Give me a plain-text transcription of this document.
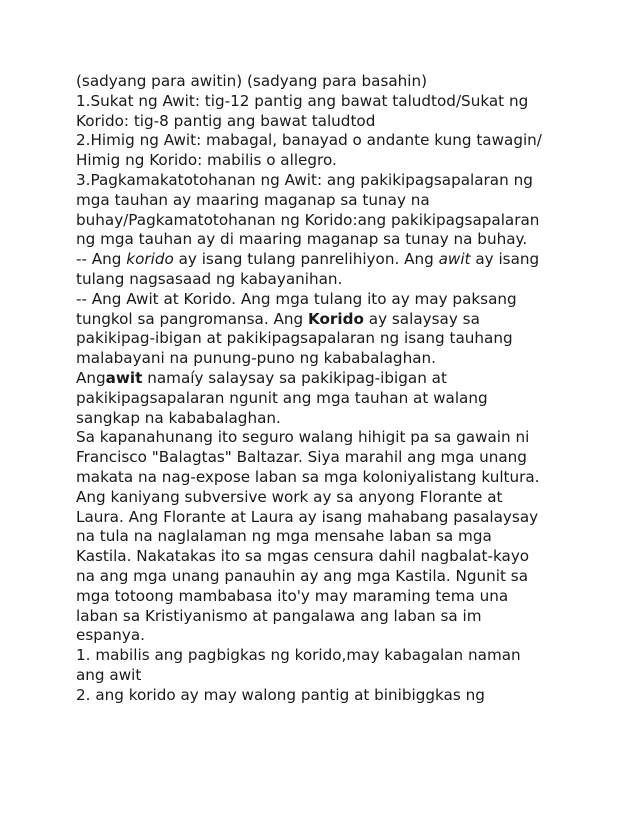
(sadyang para awitin) (sadyang para basahin)
1.Sukat ng Awit: tig-12 pantig ang bawat taludtod/Sukat ng
Korido: tig-8 pantig ang bawat taludtod
2.Himig ng Awit: mabagal, banayad o andante kung tawagin/
Himig ng Korido: mabilis o allegro.
3.Pagkamakatotohanan ng Awit: ang pakikipagsapalaran ng
mga tauhan ay maaring maganap sa tunay na
buhay/Pagkamatotohanan ng Korido:ang pakikipagsapalaran
ng mga tauhan ay di maaring maganap sa tunay na buhay.
-- Ang korido ay isang tulang panrelihiyon. Ang awit ay isang
tulang nagsasaad ng kabayanihan.
-- Ang Awit at Korido. Ang mga tulang ito ay may paksang
tungkol sa pangromansa. Ang Korido ay salaysay sa
pakikipag-ibigan at pakikipagsapalaran ng isang tauhang
malabayani na punung-puno ng kababalaghan.
Angawit namaíy salaysay sa pakikipag-ibigan at
pakikipagsapalaran ngunit ang mga tauhan at walang
sangkap na kababalaghan.
Sa kapanahunang ito seguro walang hihigit pa sa gawain ni
Francisco "Balagtas" Baltazar. Siya marahil ang mga unang
makata na nag-expose laban sa mga koloniyalistang kultura.
Ang kaniyang subversive work ay sa anyong Florante at
Laura. Ang Florante at Laura ay isang mahabang pasalaysay
na tula na naglalaman ng mga mensahe laban sa mga
Kastila. Nakatakas ito sa mgas censura dahil nagbalat-kayo
na ang mga unang panauhin ay ang mga Kastila. Ngunit sa
mga totoong mambabasa ito'y may maraming tema una
laban sa Kristiyanismo at pangalawa ang laban sa im
espanya.
1. mabilis ang pagbigkas ng korido,may kabagalan naman
ang awit
2. ang korido ay may walong pantig at binibiggkas ng
